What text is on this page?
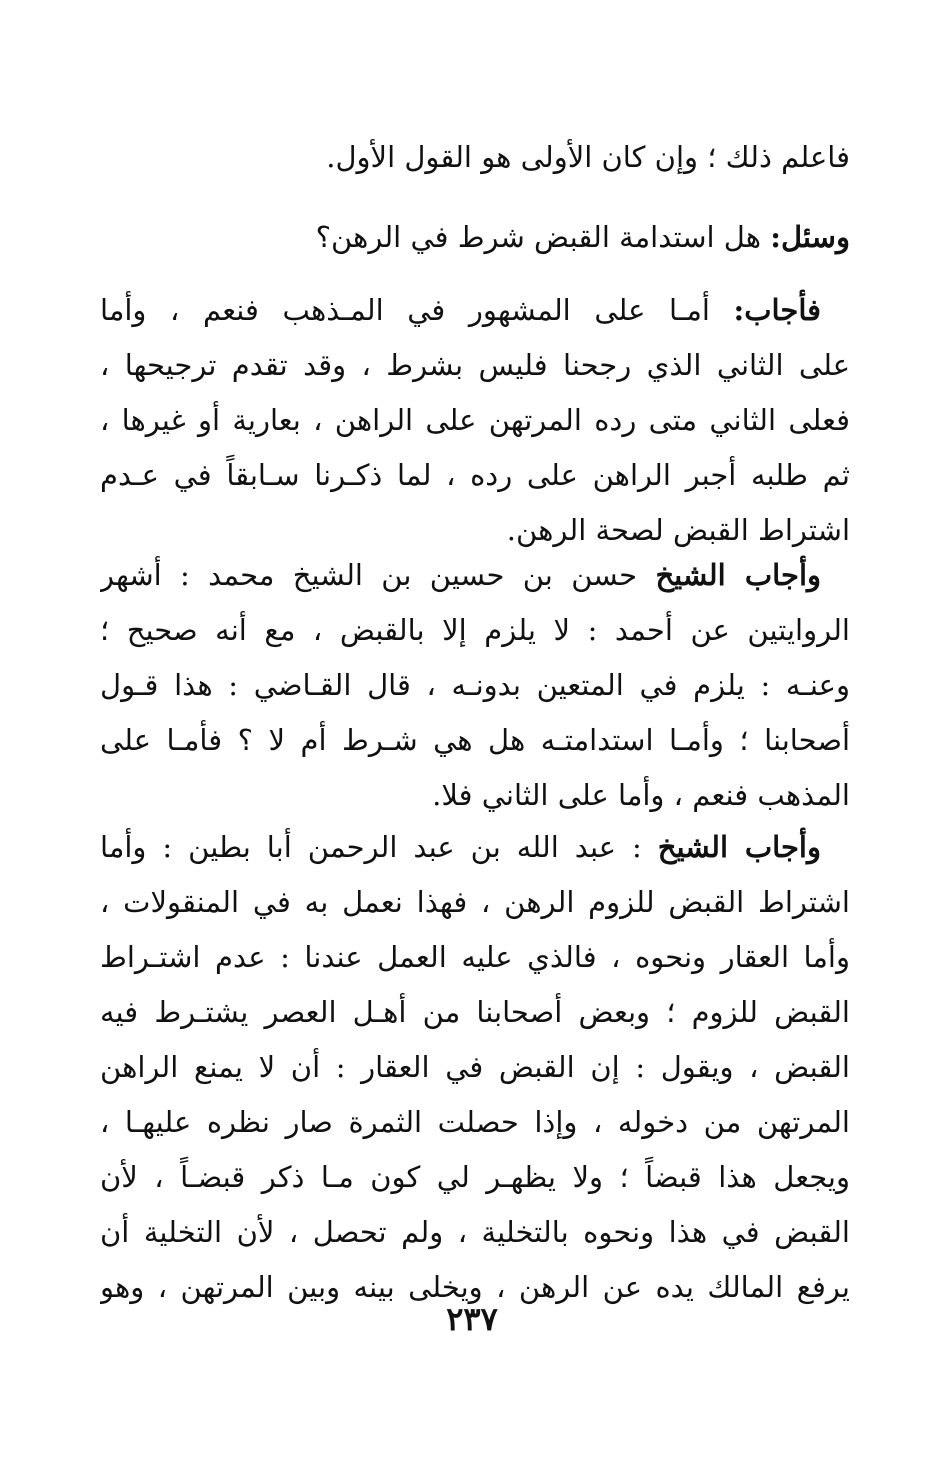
فاعلم ذلك ؛ وإن كان الأولى هو القول الأول.
وسئل: هل استدامة القبض شرط في الرهن؟
 فأجاب: أمـا على المشهور في المـذهب فنعم ، وأما
على الثاني الذي رجحنا فليس بشرط ، وقد تقدم ترجيحها ،
فعلى الثاني متى رده المرتهن على الراهن ، بعارية أو غيرها ،
ثم طلبه أجبر الراهن على رده ، لما ذكـرنا سـابقاً في عـدم
اشتراط القبض لصحة الرهن.
 وأجاب الشيخ حسن بن حسين بن الشيخ محمد : أشهر
الروايتين عن أحمد : لا يلزم إلا بالقبض ، مع أنه صحيح ؛
وعنـه : يلزم في المتعين بدونـه ، قال القـاضي : هذا قـول
أصحابنا ؛ وأمـا استدامتـه هل هي شـرط أم لا ؟ فأمـا على
المذهب فنعم ، وأما على الثاني فلا.
 وأجاب الشيخ : عبد الله بن عبد الرحمن أبا بطين : وأما
اشتراط القبض للزوم الرهن ، فهذا نعمل به في المنقولات ،
وأما العقار ونحوه ، فالذي عليه العمل عندنا : عدم اشتـراط
القبض للزوم ؛ وبعض أصحابنا من أهـل العصر يشتـرط فيه
القبض ، ويقول : إن القبض في العقار : أن لا يمنع الراهن
المرتهن من دخوله ، وإذا حصلت الثمرة صار نظره عليهـا ،
ويجعل هذا قبضاً ؛ ولا يظهـر لي كون مـا ذكر قبضـاً ، لأن
القبض في هذا ونحوه بالتخلية ، ولم تحصل ، لأن التخلية أن
يرفع المالك يده عن الرهن ، ويخلى بينه وبين المرتهن ، وهو
٢٣٧
